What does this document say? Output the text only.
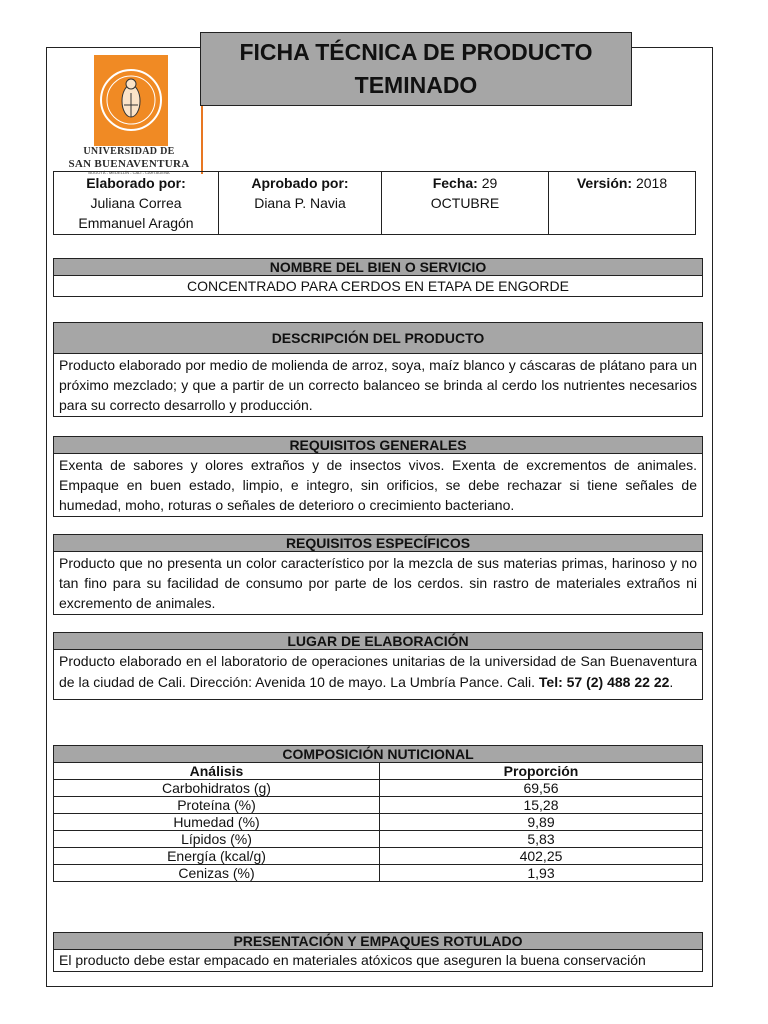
UNIVERSIDAD DE
SAN BUENAVENTURA
BOGOTÁ - MEDELLÍN - CALI - CARTAGENA
FICHA TÉCNICA DE PRODUCTO
TEMINADO
Elaborado por:
Juliana Correa
Emmanuel Aragón

Aprobado por:
Diana P. Navia

Fecha: 29
OCTUBRE

Versión: 2018
NOMBRE DEL BIEN O SERVICIO
CONCENTRADO PARA CERDOS EN ETAPA DE ENGORDE
DESCRIPCIÓN DEL PRODUCTO
Producto elaborado por medio de molienda de arroz, soya, maíz blanco y cáscaras de plátano para un próximo mezclado; y que a partir de un correcto balanceo se brinda al cerdo los nutrientes necesarios para su correcto desarrollo y producción.
REQUISITOS GENERALES
Exenta de sabores y olores extraños y de insectos vivos. Exenta de excrementos de animales. Empaque en buen estado, limpio, e integro, sin orificios, se debe rechazar si tiene señales de humedad, moho, roturas o señales de deterioro o crecimiento bacteriano.
REQUISITOS ESPECÍFICOS
Producto que no presenta un color característico por la mezcla de sus materias primas, harinoso y no tan fino para su facilidad de consumo por parte de los cerdos. sin rastro de materiales extraños ni excremento de animales.
LUGAR DE ELABORACIÓN
Producto elaborado en el laboratorio de operaciones unitarias de la universidad de San Buenaventura de la ciudad de Cali. Dirección: Avenida 10 de mayo. La Umbría Pance. Cali. Tel: 57 (2) 488 22 22.
COMPOSICIÓN NUTICIONAL
Análisis	Proporción
Carbohidratos (g)	69,56
Proteína (%)	15,28
Humedad (%)	9,89
Lípidos (%)	5,83
Energía (kcal/g)	402,25
Cenizas (%)	1,93
PRESENTACIÓN Y EMPAQUES ROTULADO
El producto debe estar empacado en materiales atóxicos que aseguren la buena conservación
